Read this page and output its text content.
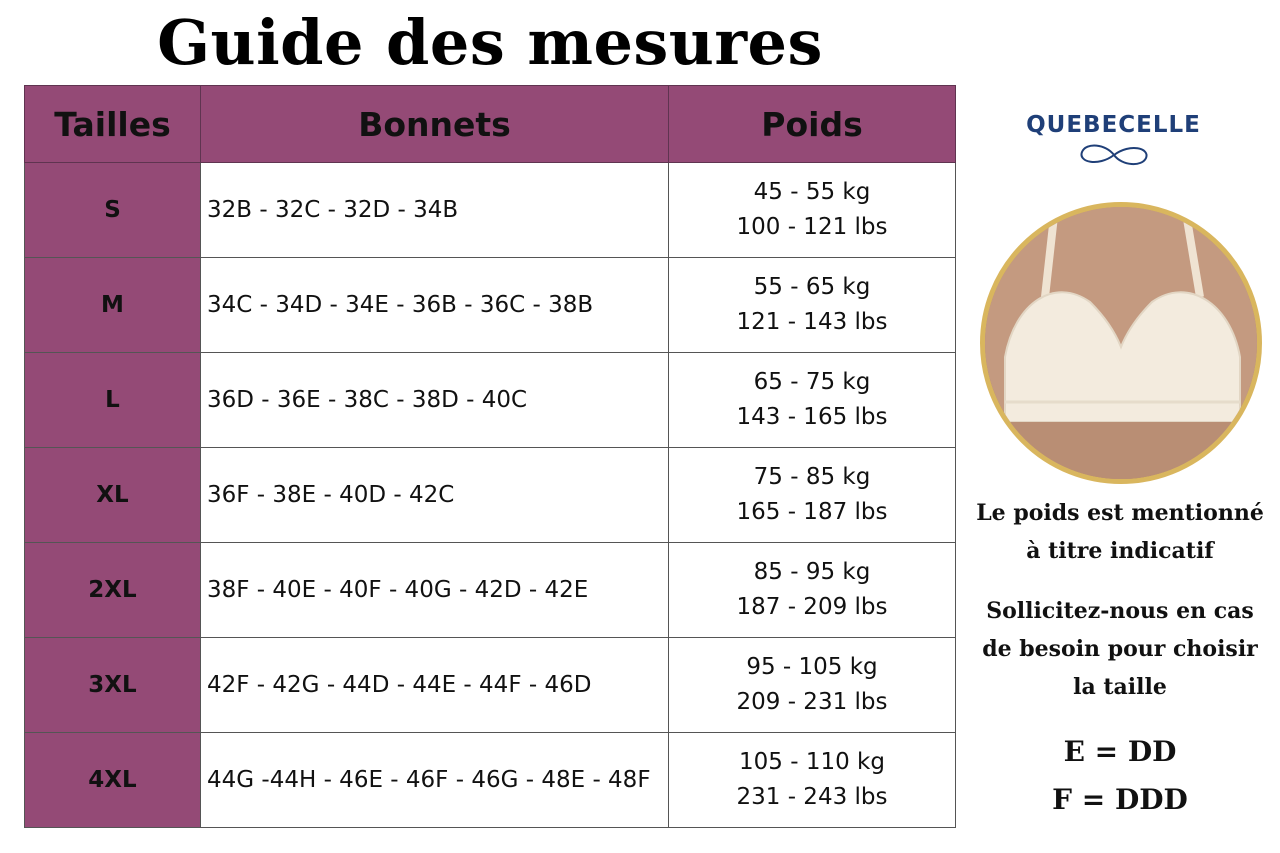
Guide des mesures
Tailles	Bonnets	Poids
S	32B - 32C - 32D - 34B	45 - 55 kg
100 - 121 lbs

M	34C - 34D - 34E - 36B - 36C - 38B	55 - 65 kg
121 - 143 lbs

L	36D - 36E - 38C - 38D - 40C	65 - 75 kg
143 - 165 lbs

XL	36F - 38E - 40D - 42C	75 - 85 kg
165 - 187 lbs

2XL	38F - 40E - 40F - 40G - 42D - 42E	85 - 95 kg
187 - 209 lbs

3XL	42F - 42G - 44D - 44E - 44F - 46D	95 - 105 kg
209 - 231 lbs

4XL	44G -44H - 46E - 46F - 46G - 48E - 48F	105 - 110 kg
231 - 243 lbs
QUEBECELLE
Le poids est mentionné
à titre indicatif
Sollicitez-nous en cas
de besoin pour choisir
la taille
E = DD
F = DDD
